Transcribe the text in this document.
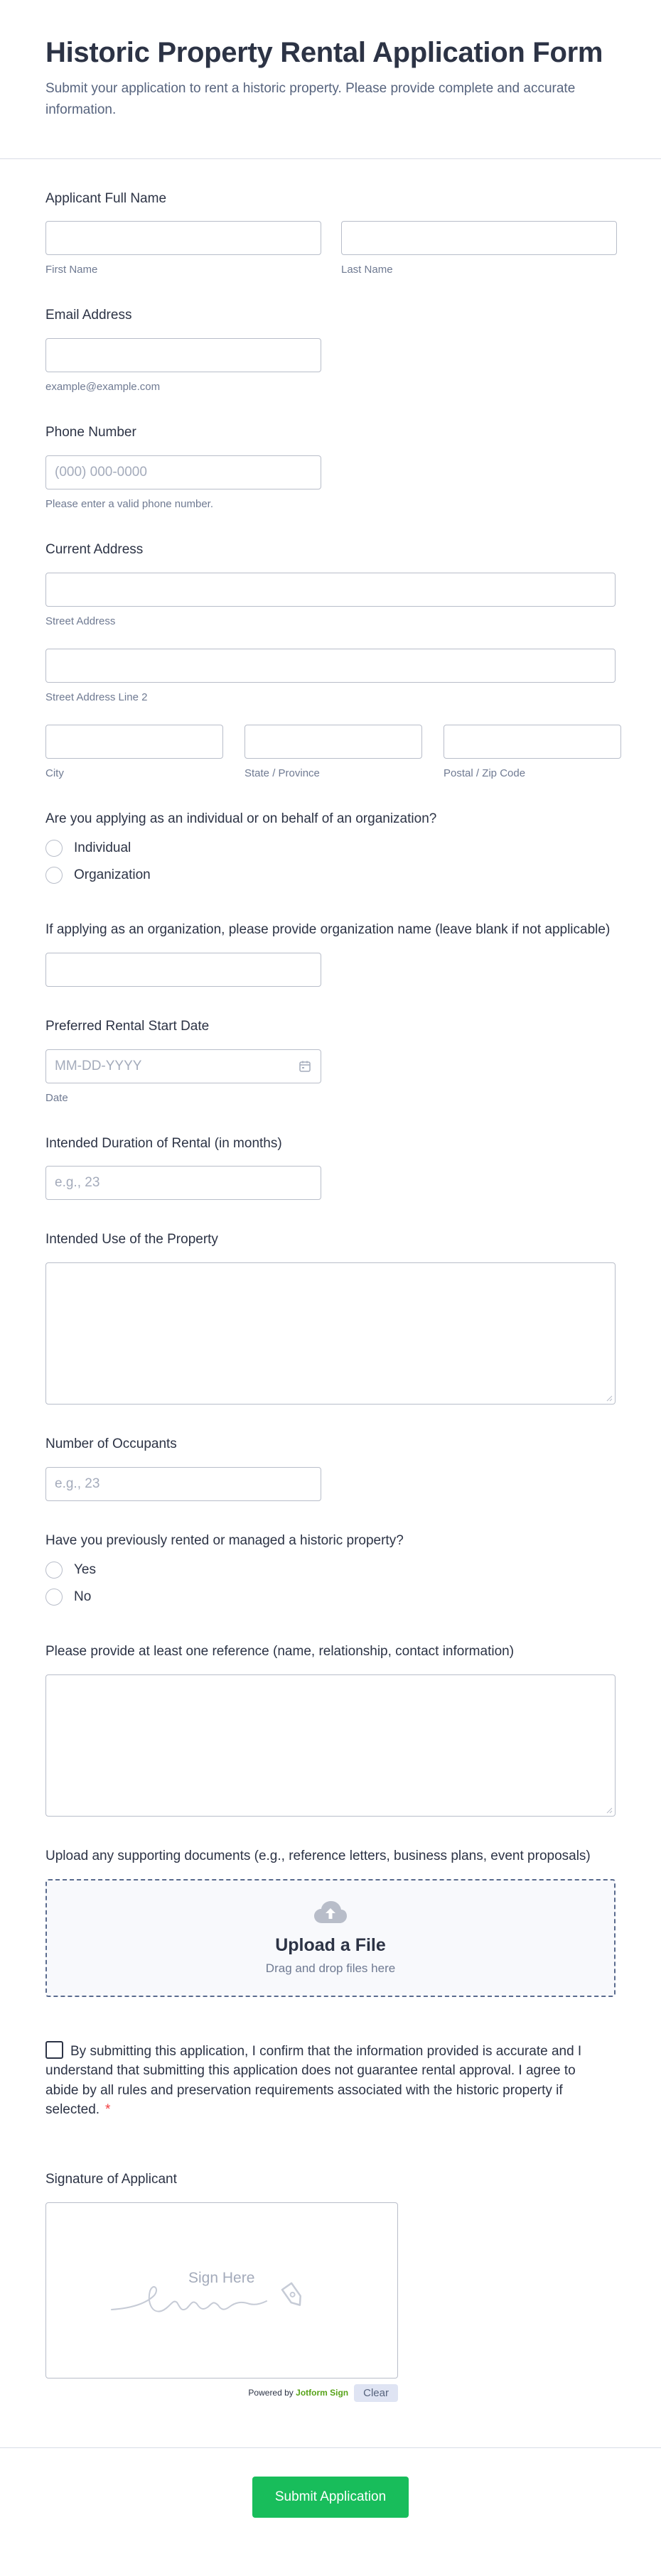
Historic Property Rental Application Form

Submit your application to rent a historic property. Please provide complete and accurate information.

Applicant Full Name
First Name	Last Name
Email Address
example@example.com
Phone Number
(000) 000-0000
Please enter a valid phone number.
Current Address
Street Address
Street Address Line 2
City	State / Province	Postal / Zip Code
Are you applying as an individual or on behalf of an organization?
Individual
Organization
If applying as an organization, please provide organization name (leave blank if not applicable)
Preferred Rental Start Date
MM-DD-YYYY
Date
Intended Duration of Rental (in months)
e.g., 23
Intended Use of the Property
Number of Occupants
e.g., 23
Have you previously rented or managed a historic property?
Yes
No
Please provide at least one reference (name, relationship, contact information)
Upload any supporting documents (e.g., reference letters, business plans, event proposals)
Upload a File
Drag and drop files here
By submitting this application, I confirm that the information provided is accurate and I understand that submitting this application does not guarantee rental approval. I agree to abide by all rules and preservation requirements associated with the historic property if selected. *
Signature of Applicant
Sign Here
Powered by Jotform Sign	Clear
Submit Application
